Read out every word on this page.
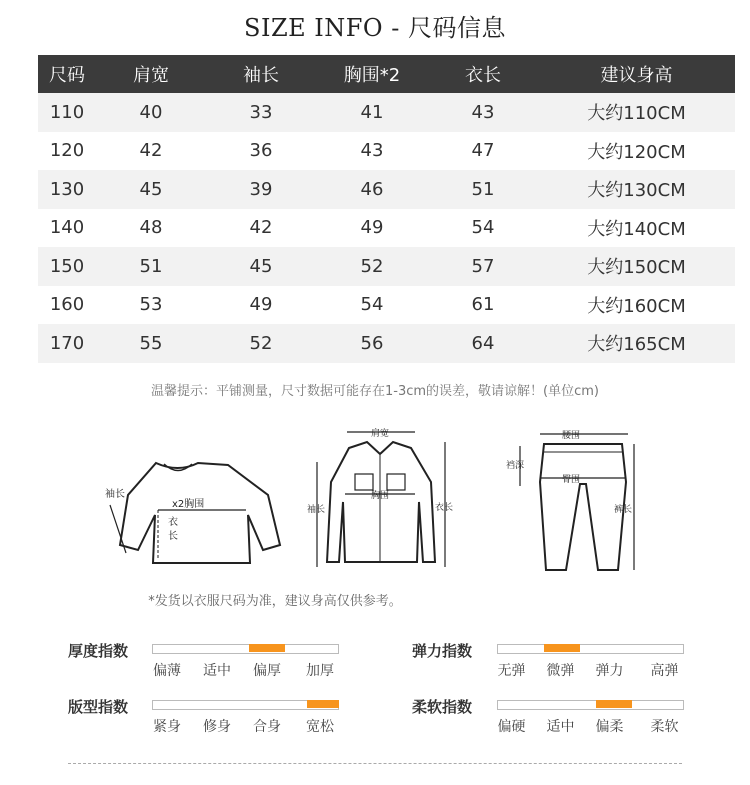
SIZE INFO - 尺码信息
尺码	肩宽	袖长	胸围*2	衣长	建议身高
110	40	33	41	43	大约110CM
120	42	36	43	47	大约120CM
130	45	39	46	51	大约130CM
140	48	42	49	54	大约140CM
150	51	45	52	57	大约150CM
160	53	49	54	61	大约160CM
170	55	52	56	64	大约165CM
温馨提示：平铺测量，尺寸数据可能存在1-3cm的误差，敬请谅解！(单位cm)
袖长
x2胸围
衣
长
肩宽
胸围
袖长	衣长
腰围
臀围
裆深
裤长
*发货以衣服尺码为准，建议身高仅供参考。
厚度指数
偏薄	适中	偏厚	加厚
弹力指数
无弹	微弹	弹力	高弹
版型指数
紧身	修身	合身	宽松
柔软指数
偏硬	适中	偏柔	柔软
